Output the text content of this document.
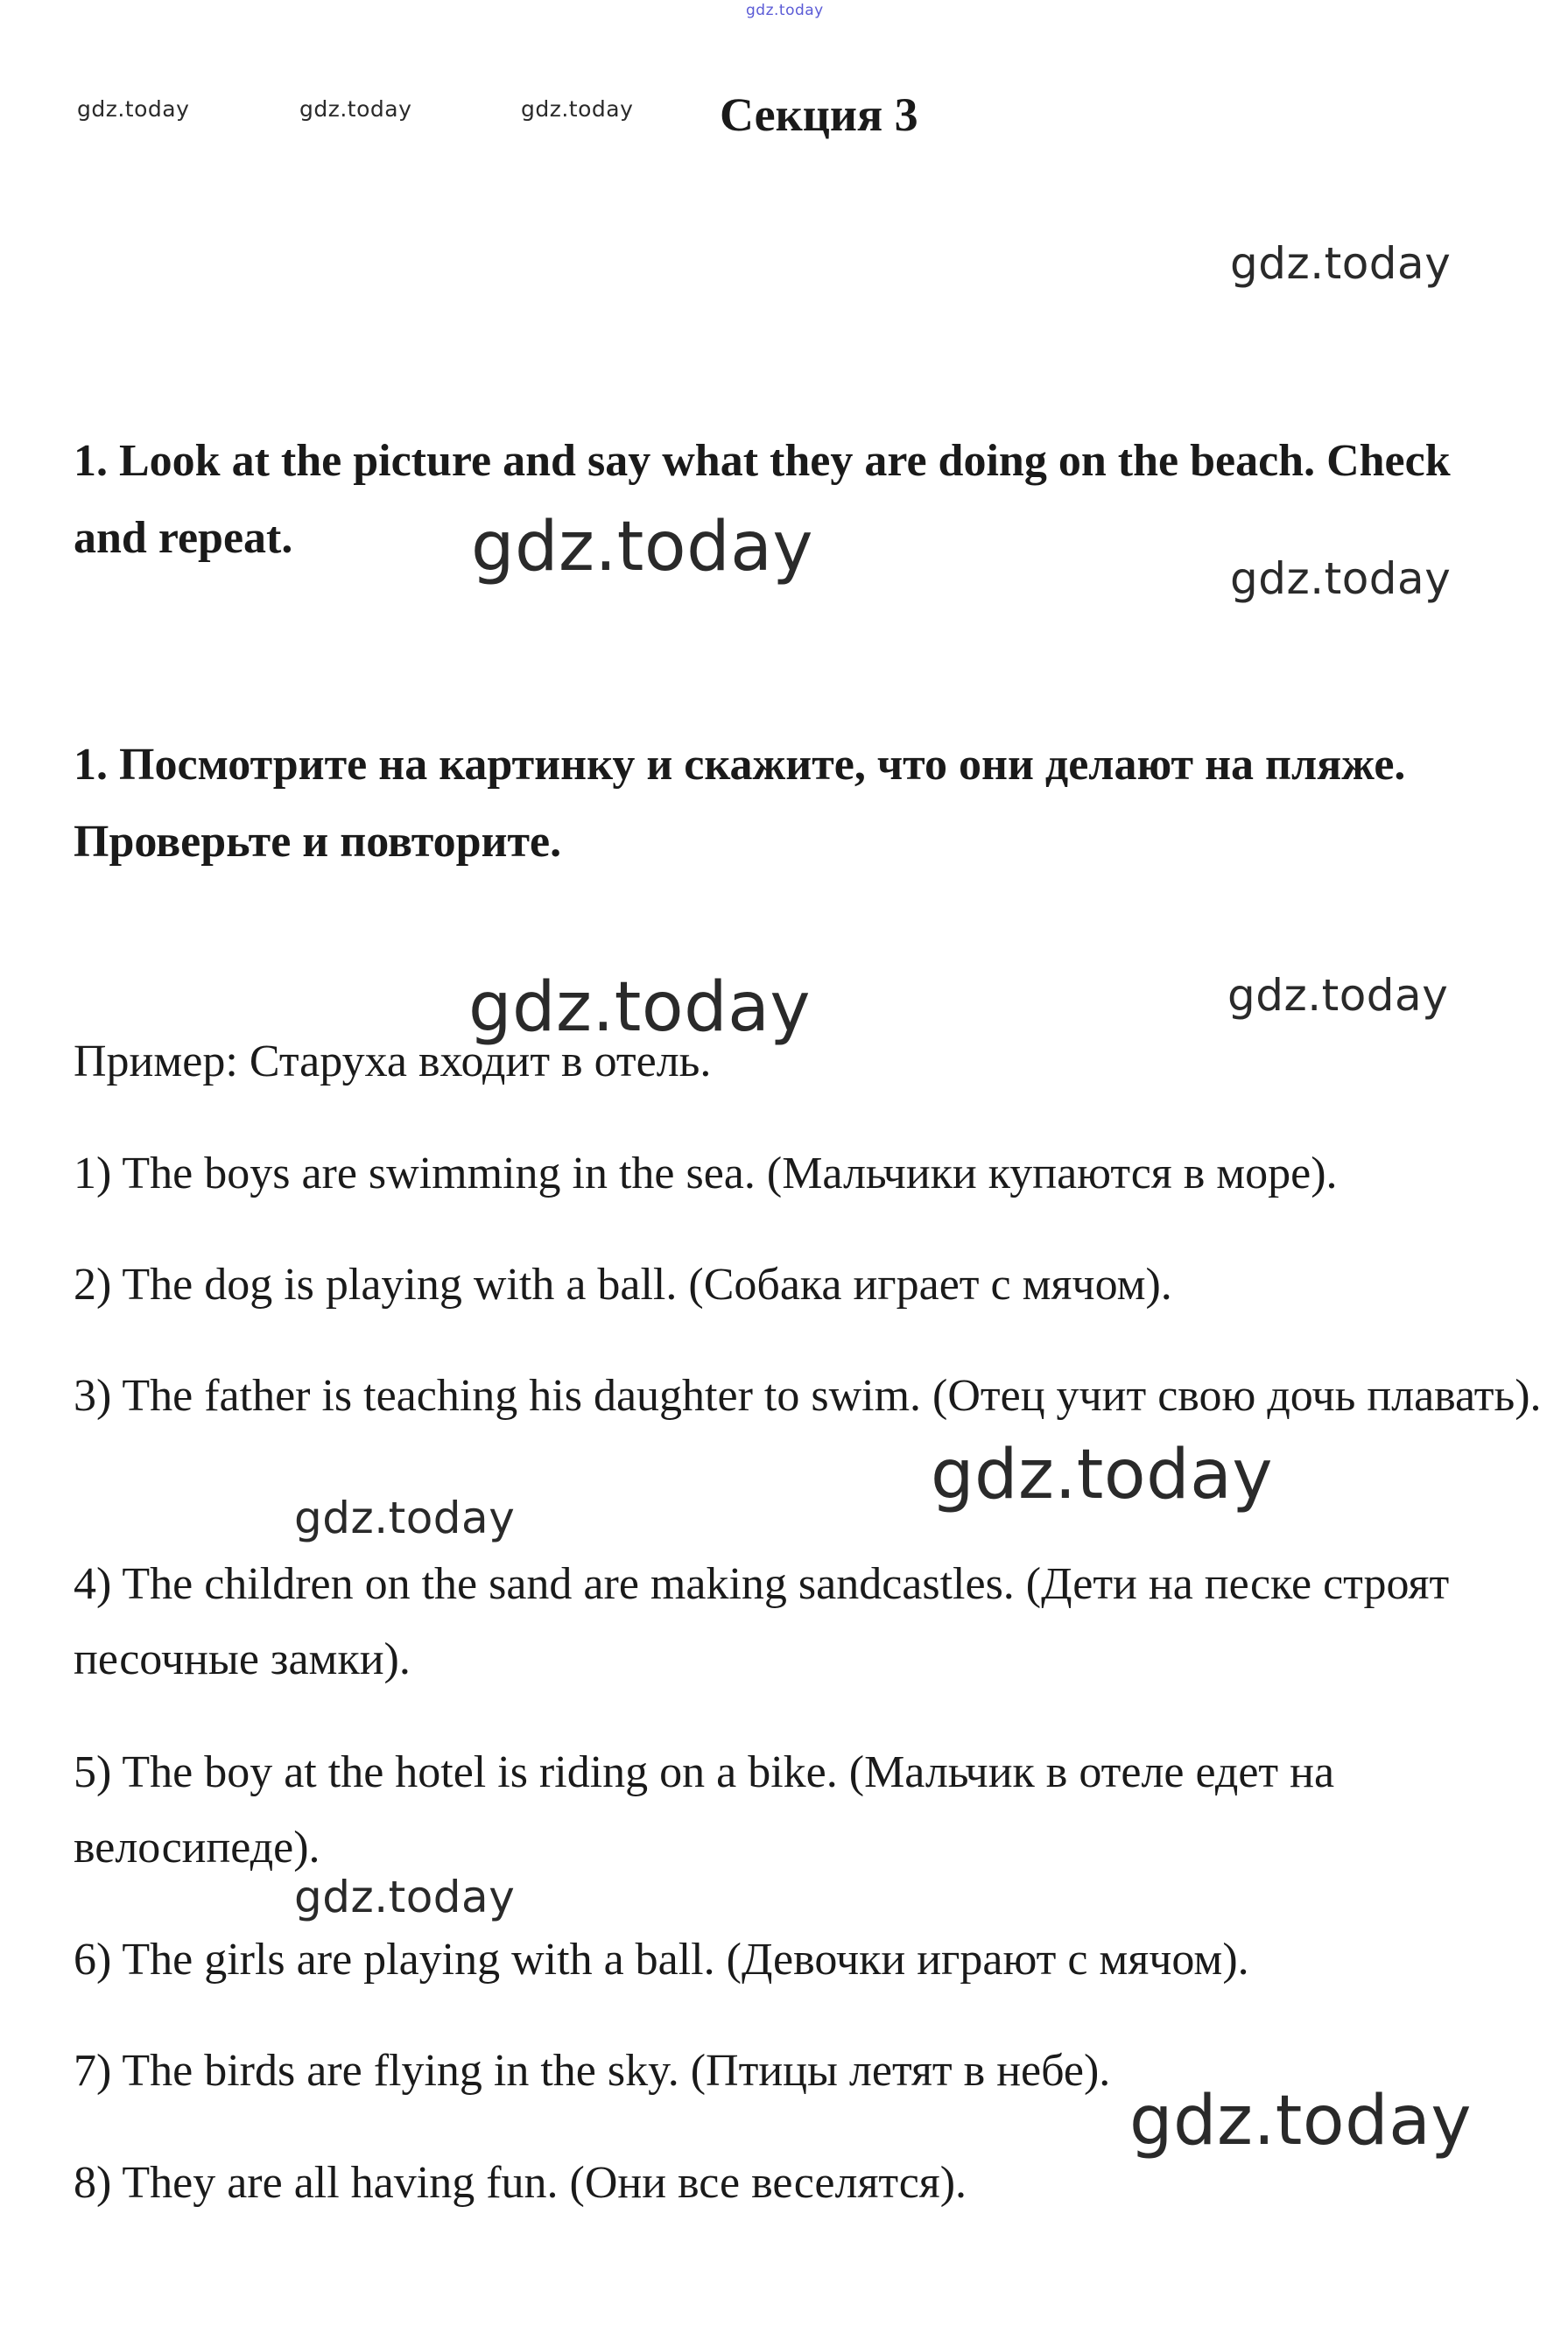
gdz.today
gdz.today	gdz.today	gdz.today
gdz.today
gdz.today	gdz.today
gdz.today	gdz.today
gdz.today
gdz.today
gdz.today
gdz.today
Секция 3
1. Look at the picture and say what they are doing on the beach. Check and repeat.
1. Посмотрите на картинку и скажите, что они делают на пляже. Проверьте и повторите.
Пример: Старуха входит в отель.
1) The boys are swimming in the sea. (Мальчики купаются в море).
2) The dog is playing with a ball. (Собака играет с мячом).
3) The father is teaching his daughter to swim. (Отец учит свою дочь плавать).
4) The children on the sand are making sandcastles. (Дети на песке строят песочные замки).
5) The boy at the hotel is riding on a bike. (Мальчик в отеле едет на велосипеде).
6) The girls are playing with a ball. (Девочки играют с мячом).
7) The birds are flying in the sky. (Птицы летят в небе).
8) They are all having fun. (Они все веселятся).
